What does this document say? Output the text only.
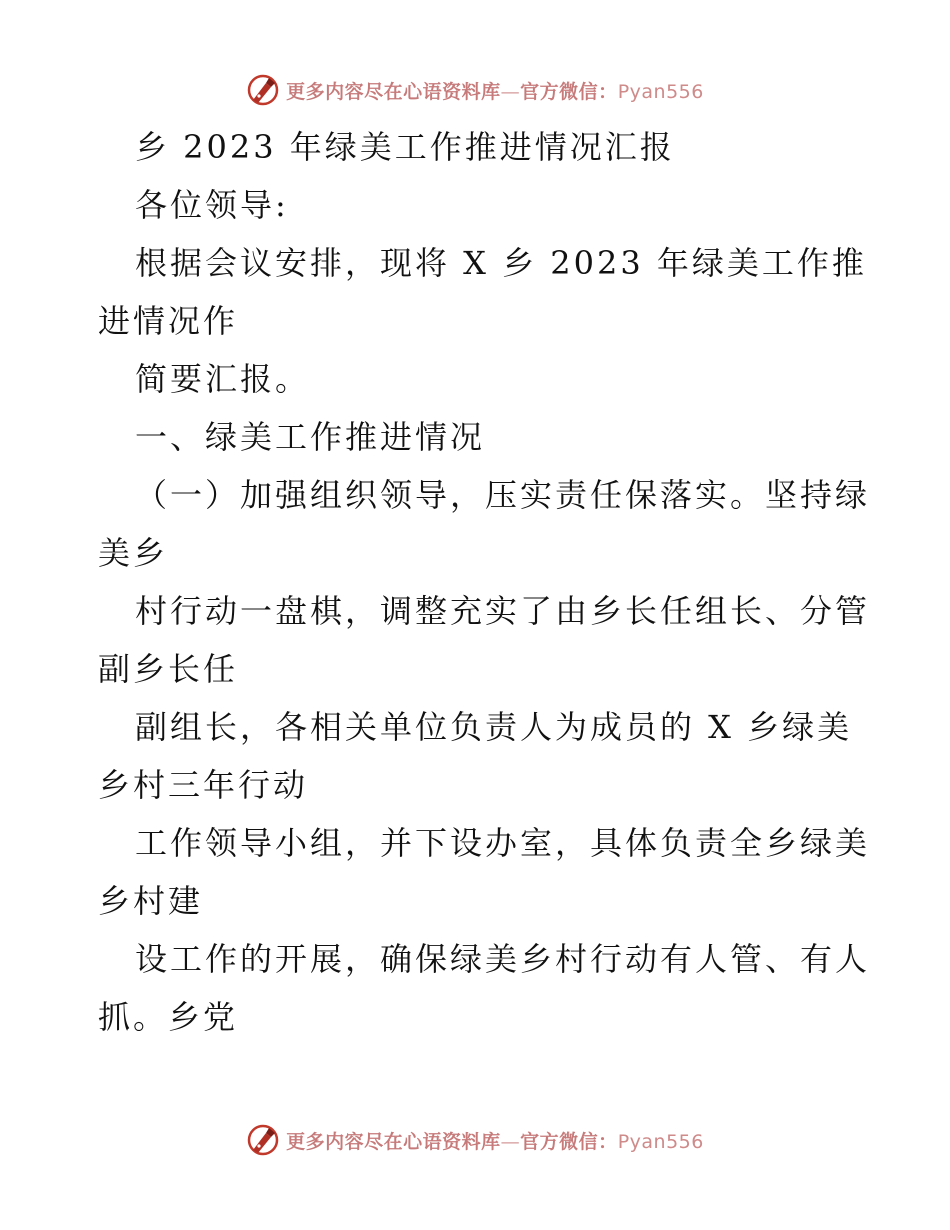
更多内容尽在心语资料库—官方微信：Pyan556
乡 2023 年绿美工作推进情况汇报
各位领导:
根据会议安排，现将 X 乡 2023 年绿美工作推
进情况作
简要汇报。
一、绿美工作推进情况
（一）加强组织领导，压实责任保落实。坚持绿
美乡
村行动一盘棋，调整充实了由乡长任组长、分管
副乡长任
副组长，各相关单位负责人为成员的 X 乡绿美
乡村三年行动
工作领导小组，并下设办室，具体负责全乡绿美
乡村建
设工作的开展，确保绿美乡村行动有人管、有人
抓。乡党
更多内容尽在心语资料库—官方微信：Pyan556
